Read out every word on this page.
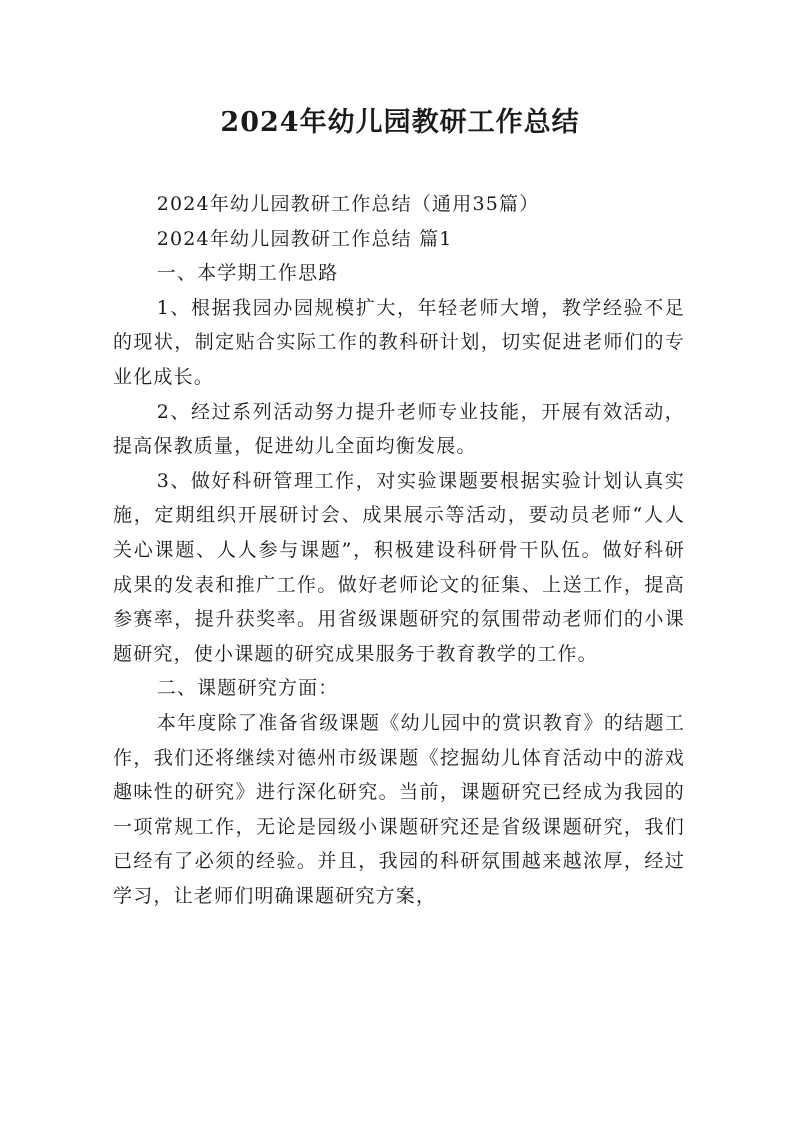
2024年幼儿园教研工作总结

2024年幼儿园教研工作总结（通用35篇）

2024年幼儿园教研工作总结 篇1

一、本学期工作思路

1、根据我园办园规模扩大，年轻老师大增，教学经验不足的现状，制定贴合实际工作的教科研计划，切实促进老师们的专业化成长。

2、经过系列活动努力提升老师专业技能，开展有效活动，提高保教质量，促进幼儿全面均衡发展。

3、做好科研管理工作，对实验课题要根据实验计划认真实施，定期组织开展研讨会、成果展示等活动，要动员老师“人人关心课题、人人参与课题”，积极建设科研骨干队伍。做好科研成果的发表和推广工作。做好老师论文的征集、上送工作，提高参赛率，提升获奖率。用省级课题研究的氛围带动老师们的小课题研究，使小课题的研究成果服务于教育教学的工作。

二、课题研究方面：

本年度除了准备省级课题《幼儿园中的赏识教育》的结题工作，我们还将继续对德州市级课题《挖掘幼儿体育活动中的游戏趣味性的研究》进行深化研究。当前，课题研究已经成为我园的一项常规工作，无论是园级小课题研究还是省级课题研究，我们已经有了必须的经验。并且，我园的科研氛围越来越浓厚，经过学习，让老师们明确课题研究方案，
